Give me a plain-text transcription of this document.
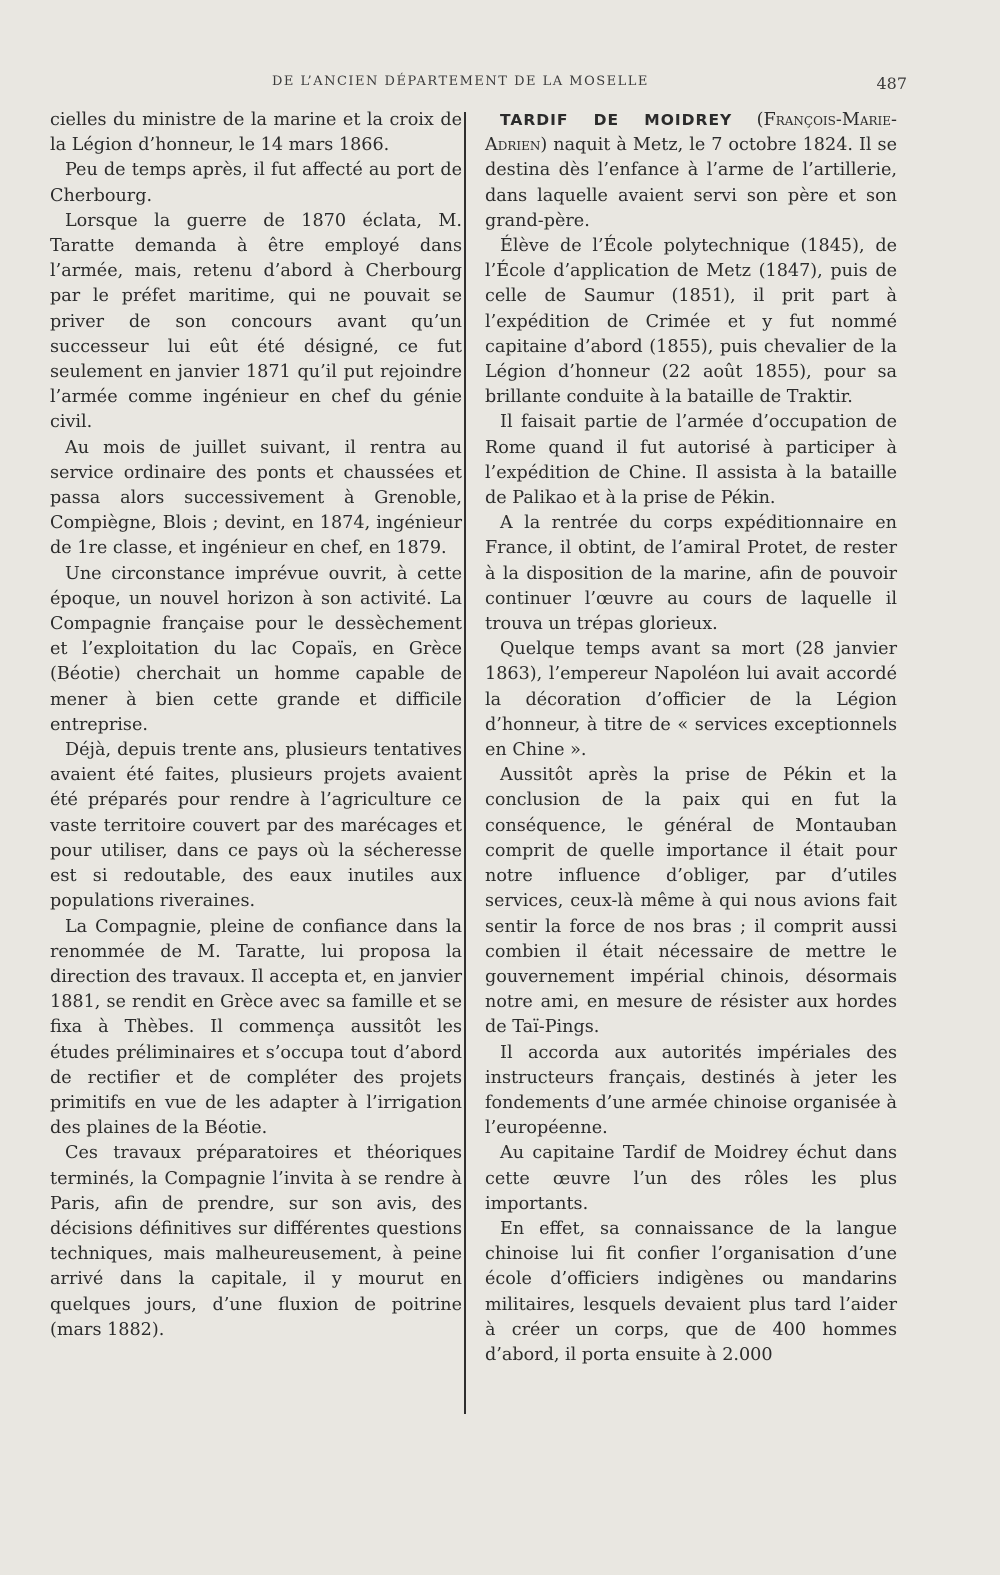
DE L’ANCIEN DÉPARTEMENT DE LA MOSELLE	487

cielles du ministre de la marine et la croix de la Légion d’honneur, le 14 mars 1866.

Peu de temps après, il fut affecté au port de Cherbourg.

Lorsque la guerre de 1870 éclata, M. Taratte demanda à être employé dans l’armée, mais, retenu d’abord à Cherbourg par le préfet maritime, qui ne pouvait se priver de son concours avant qu’un successeur lui eût été désigné, ce fut seulement en janvier 1871 qu’il put rejoindre l’armée comme ingénieur en chef du génie civil.

Au mois de juillet suivant, il rentra au service ordinaire des ponts et chaussées et passa alors successivement à Grenoble, Compiègne, Blois ; devint, en 1874, ingénieur de 1re classe, et ingénieur en chef, en 1879.

Une circonstance imprévue ouvrit, à cette époque, un nouvel horizon à son activité. La Compagnie française pour le dessèchement et l’exploitation du lac Copaïs, en Grèce (Béotie) cherchait un homme capable de mener à bien cette grande et difficile entreprise.

Déjà, depuis trente ans, plusieurs tentatives avaient été faites, plusieurs projets avaient été préparés pour rendre à l’agriculture ce vaste territoire couvert par des marécages et pour utiliser, dans ce pays où la sécheresse est si redoutable, des eaux inutiles aux populations riveraines.

La Compagnie, pleine de confiance dans la renommée de M. Taratte, lui proposa la direction des travaux. Il accepta et, en janvier 1881, se rendit en Grèce avec sa famille et se fixa à Thèbes. Il commença aussitôt les études préliminaires et s’occupa tout d’abord de rectifier et de compléter des projets primitifs en vue de les adapter à l’irrigation des plaines de la Béotie.

Ces travaux préparatoires et théoriques terminés, la Compagnie l’invita à se rendre à Paris, afin de prendre, sur son avis, des décisions définitives sur différentes questions techniques, mais malheureusement, à peine arrivé dans la capitale, il y mourut en quelques jours, d’une fluxion de poitrine (mars 1882).

TARDIF DE MOIDREY (François-Marie-Adrien) naquit à Metz, le 7 octobre 1824. Il se destina dès l’enfance à l’arme de l’artillerie, dans laquelle avaient servi son père et son grand-père.

Élève de l’École polytechnique (1845), de l’École d’application de Metz (1847), puis de celle de Saumur (1851), il prit part à l’expédition de Crimée et y fut nommé capitaine d’abord (1855), puis chevalier de la Légion d’honneur (22 août 1855), pour sa brillante conduite à la bataille de Traktir.

Il faisait partie de l’armée d’occupation de Rome quand il fut autorisé à participer à l’expédition de Chine. Il assista à la bataille de Palikao et à la prise de Pékin.

A la rentrée du corps expéditionnaire en France, il obtint, de l’amiral Protet, de rester à la disposition de la marine, afin de pouvoir continuer l’œuvre au cours de laquelle il trouva un trépas glorieux.

Quelque temps avant sa mort (28 janvier 1863), l’empereur Napoléon lui avait accordé la décoration d’officier de la Légion d’honneur, à titre de « services exceptionnels en Chine ».

Aussitôt après la prise de Pékin et la conclusion de la paix qui en fut la conséquence, le général de Montauban comprit de quelle importance il était pour notre influence d’obliger, par d’utiles services, ceux-là même à qui nous avions fait sentir la force de nos bras ; il comprit aussi combien il était nécessaire de mettre le gouvernement impérial chinois, désormais notre ami, en mesure de résister aux hordes de Taï-Pings.

Il accorda aux autorités impériales des instructeurs français, destinés à jeter les fondements d’une armée chinoise organisée à l’européenne.

Au capitaine Tardif de Moidrey échut dans cette œuvre l’un des rôles les plus importants.

En effet, sa connaissance de la langue chinoise lui fit confier l’organisation d’une école d’officiers indigènes ou mandarins militaires, lesquels devaient plus tard l’aider à créer un corps, que de 400 hommes d’abord, il porta ensuite à 2.000
